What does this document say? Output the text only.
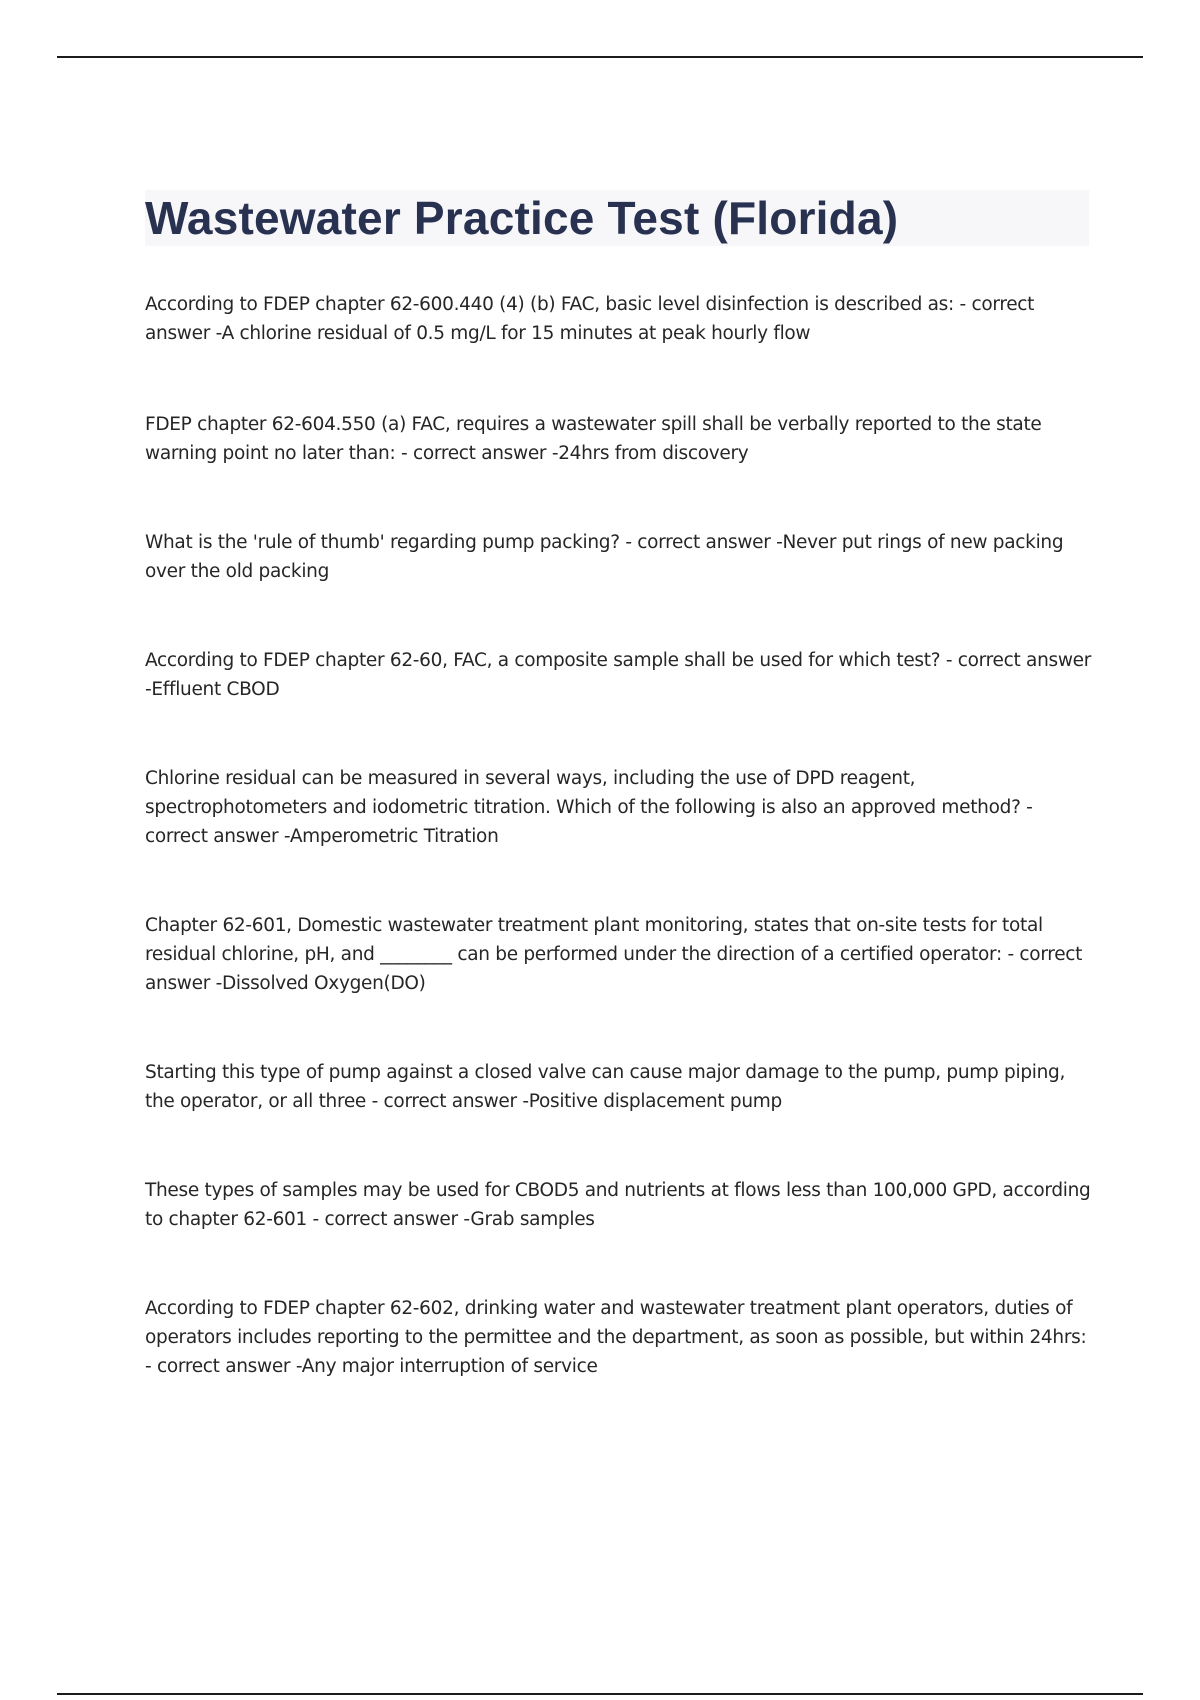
Wastewater Practice Test (Florida)
According to FDEP chapter 62-600.440 (4) (b) FAC, basic level disinfection is described as: - correct answer -A chlorine residual of 0.5 mg/L for 15 minutes at peak hourly flow
FDEP chapter 62-604.550 (a) FAC, requires a wastewater spill shall be verbally reported to the state warning point no later than: - correct answer -24hrs from discovery
What is the 'rule of thumb' regarding pump packing? - correct answer -Never put rings of new packing over the old packing
According to FDEP chapter 62-60, FAC, a composite sample shall be used for which test? - correct answer -Effluent CBOD
Chlorine residual can be measured in several ways, including the use of DPD reagent, spectrophotometers and iodometric titration. Which of the following is also an approved method? - correct answer -Amperometric Titration
Chapter 62-601, Domestic wastewater treatment plant monitoring, states that on-site tests for total residual chlorine, pH, and ________ can be performed under the direction of a certified operator: - correct answer -Dissolved Oxygen(DO)
Starting this type of pump against a closed valve can cause major damage to the pump, pump piping, the operator, or all three - correct answer -Positive displacement pump
These types of samples may be used for CBOD5 and nutrients at flows less than 100,000 GPD, according to chapter 62-601 - correct answer -Grab samples
According to FDEP chapter 62-602, drinking water and wastewater treatment plant operators, duties of operators includes reporting to the permittee and the department, as soon as possible, but within 24hrs: - correct answer -Any major interruption of service
